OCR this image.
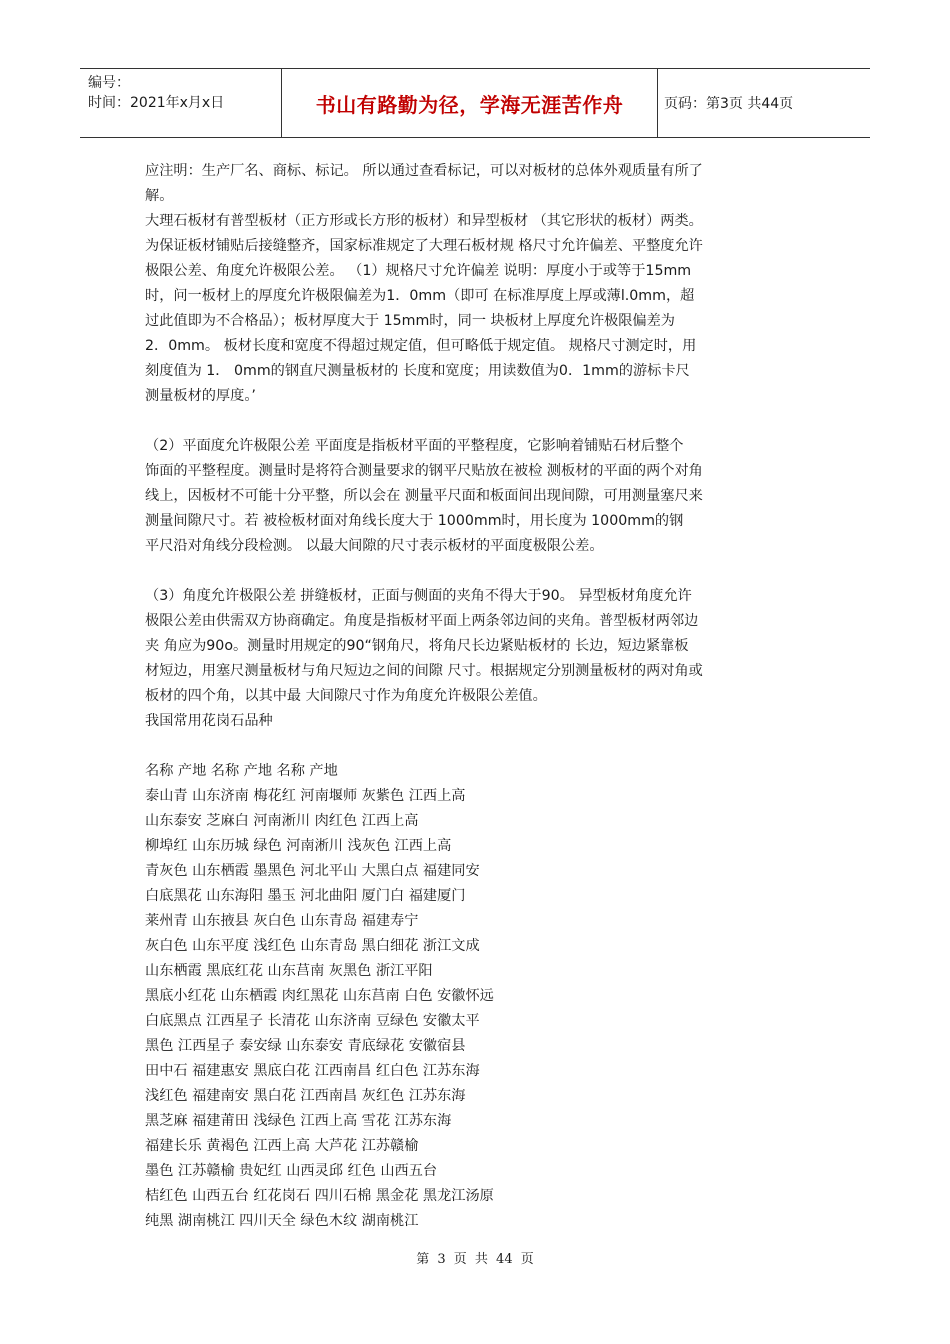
编号：
时间：2021年x月x日	书山有路勤为径，学海无涯苦作舟	页码：第3页 共44页

应注明：生产厂名、商标、标记。 所以通过查看标记，可以对板材的总体外观质量有所了

解。

大理石板材有普型板材（正方形或长方形的板材）和异型板材 （其它形状的板材）两类。

为保证板材铺贴后接缝整齐，国家标准规定了大理石板材规 格尺寸允许偏差、平整度允许

极限公差、角度允许极限公差。 （1）规格尺寸允许偏差 说明：厚度小于或等于15mm

时，问一板材上的厚度允许极限偏差为1．0mm（即可 在标准厚度上厚或薄l.0mm，超

过此值即为不合格品）；板材厚度大于 15mm时，同一 块板材上厚度允许极限偏差为

2．0mm。 板材长度和宽度不得超过规定值，但可略低于规定值。 规格尺寸测定时，用

刻度值为 1． 0mm的钢直尺测量板材的 长度和宽度；用读数值为0．1mm的游标卡尺

测量板材的厚度。’

（2）平面度允许极限公差 平面度是指板材平面的平整程度，它影响着铺贴石材后整个

饰面的平整程度。测量时是将符合测量要求的钢平尺贴放在被检 测板材的平面的两个对角

线上，因板材不可能十分平整，所以会在 测量平尺面和板面间出现间隙，可用测量塞尺来

测量间隙尺寸。若 被检板材面对角线长度大于 1000mm时，用长度为 1000mm的钢

平尺沿对角线分段检测。 以最大间隙的尺寸表示板材的平面度极限公差。

（3）角度允许极限公差 拼缝板材，正面与侧面的夹角不得大于90。 异型板材角度允许

极限公差由供需双方协商确定。角度是指板材平面上两条邻边间的夹角。普型板材两邻边

夹 角应为90o。测量时用规定的90“钢角尺，将角尺长边紧贴板材的 长边，短边紧靠板

材短边，用塞尺测量板材与角尺短边之间的间隙 尺寸。根据规定分别测量板材的两对角或

板材的四个角，以其中最 大间隙尺寸作为角度允许极限公差值。

我国常用花岗石品种

名称 产地 名称 产地 名称 产地

泰山青 山东济南 梅花红 河南堰师 灰紫色 江西上高

山东泰安 芝麻白 河南淅川 肉红色 江西上高

柳埠红 山东历城 绿色 河南淅川 浅灰色 江西上高

青灰色 山东栖霞 墨黑色 河北平山 大黑白点 福建同安

白底黑花 山东海阳 墨玉 河北曲阳 厦门白 福建厦门

莱州青 山东掖县 灰白色 山东青岛 福建寿宁

灰白色 山东平度 浅红色 山东青岛 黑白细花 浙江文成

山东栖霞 黑底红花 山东莒南 灰黑色 浙江平阳

黑底小红花 山东栖霞 肉红黑花 山东莒南 白色 安徽怀远

白底黑点 江西星子 长清花 山东济南 豆绿色 安徽太平

黑色 江西星子 泰安绿 山东泰安 青底绿花 安徽宿县

田中石 福建惠安 黑底白花 江西南昌 红白色 江苏东海

浅红色 福建南安 黑白花 江西南昌 灰红色 江苏东海

黑芝麻 福建莆田 浅绿色 江西上高 雪花 江苏东海

福建长乐 黄褐色 江西上高 大芦花 江苏赣榆

墨色 江苏赣榆 贵妃红 山西灵邱 红色 山西五台

桔红色 山西五台 红花岗石 四川石棉 黑金花 黑龙江汤原

纯黑 湖南桃江 四川天全 绿色木纹 湖南桃江

第 3 页 共 44 页
